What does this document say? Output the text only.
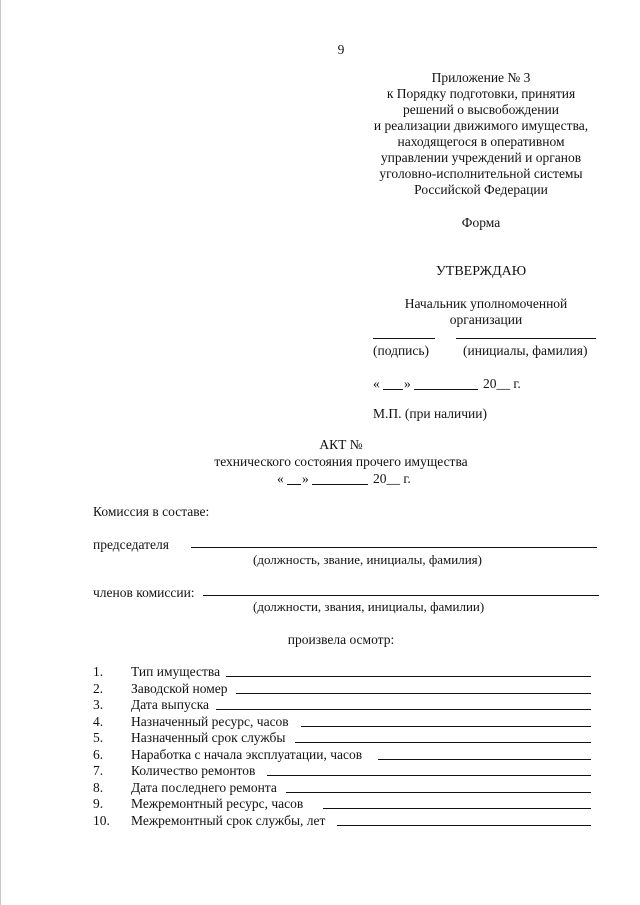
9
Приложение № 3
к Порядку подготовки, принятия
решений о высвобождении
и реализации движимого имущества,
находящегося в оперативном
управлении учреждений и органов
уголовно-исполнительной системы
Российской Федерации
Форма
УТВЕРЖДАЮ
Начальник уполномоченной
организации
(подпись)	(инициалы, фамилия)
« »	20__ г.
М.П. (при наличии)
АКТ №
технического состояния прочего имущества
« »	20__ г.
Комиссия в составе:
председателя
(должность, звание, инициалы, фамилия)
членов комиссии:
(должности, звания, инициалы, фамилии)
произвела осмотр:
1. Тип имущества
2. Заводской номер
3. Дата выпуска
4. Назначенный ресурс, часов
5. Назначенный срок службы
6. Наработка с начала эксплуатации, часов
7. Количество ремонтов
8. Дата последнего ремонта
9. Межремонтный ресурс, часов
10. Межремонтный срок службы, лет
